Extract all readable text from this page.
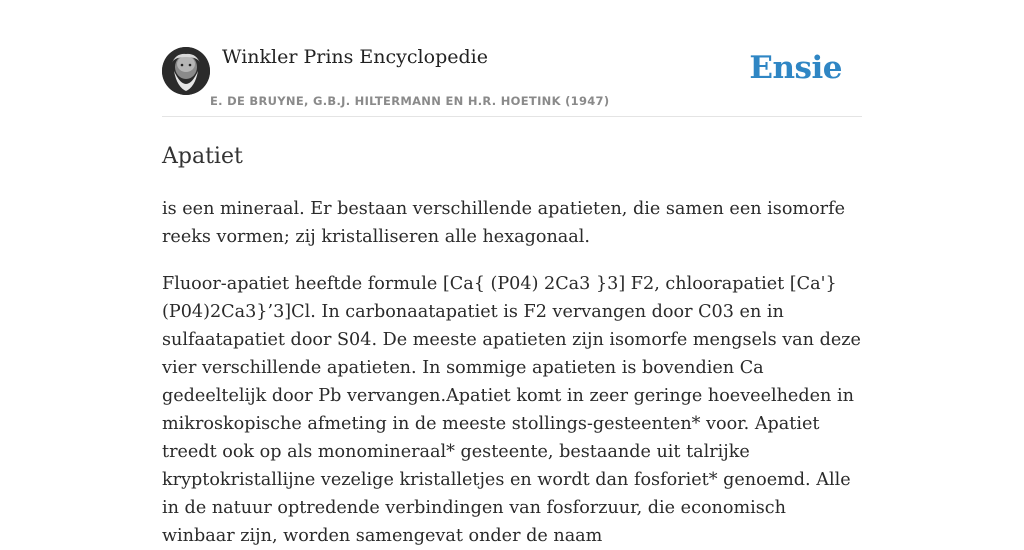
Winkler Prins Encyclopedie
E. DE BRUYNE, G.B.J. HILTERMANN EN H.R. HOETINK (1947)
Ensie
Apatiet

is een mineraal. Er bestaan verschillende apatieten, die samen een isomorfe reeks vormen; zij kristalliseren alle hexagonaal.

Fluoor-apatiet heeftde formule [Ca{ (P04) 2Ca3 }3] F2, chloorapatiet [Ca'} (P04)2Ca3}’3]Cl. In carbonaatapatiet is F2 vervangen door C03 en in sulfaatapatiet door S04. De meeste apatieten zijn isomorfe mengsels van deze vier verschillende apatieten. In sommige apatieten is bovendien Ca gedeeltelijk door Pb vervangen.Apatiet komt in zeer geringe hoeveelheden in mikroskopische afmeting in de meeste stollings-gesteenten* voor. Apatiet treedt ook op als monomineraal* gesteente, bestaande uit talrijke kryptokristallijne vezelige kristalletjes en wordt dan fosforiet* genoemd. Alle in de natuur optredende verbindingen van fosforzuur, die economisch winbaar zijn, worden samengevat onder de naam
